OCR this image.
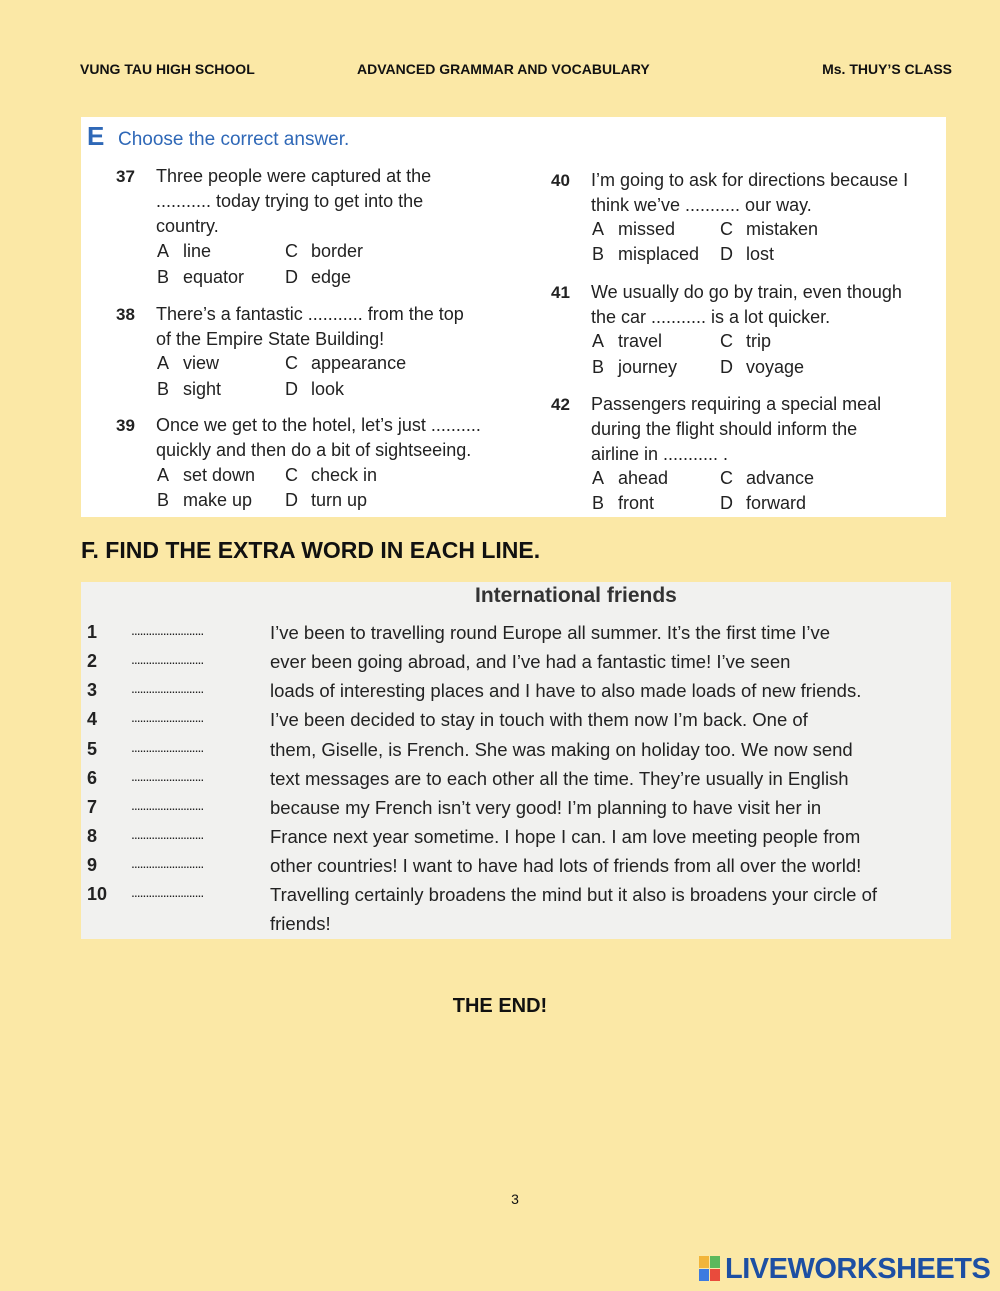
VUNG TAU HIGH SCHOOL	ADVANCED GRAMMAR AND VOCABULARY	Ms. THUY’S CLASS
E Choose the correct answer.
37 Three people were captured at the
........... today trying to get into the
country.
A line	C border
B equator D edge
38 There’s a fantastic ........... from the top
of the Empire State Building!
A view	C appearance
B sight	D look
39 Once we get to the hotel, let’s just ..........
quickly and then do a bit of sightseeing.
A set down C check in
B make up D turn up
40 I’m going to ask for directions because I
think we’ve ........... our way.
A missed C mistaken
B misplaced D lost
41 We usually do go by train, even though
the car ........... is a lot quicker.
A travel	C trip
B journey D voyage
42 Passengers requiring a special meal
during the flight should inform the
airline in ........... .
A ahead	C advance
B front	D forward
F. FIND THE EXTRA WORD IN EACH LINE.
International friends
1 .........................	I’ve been to travelling round Europe all summer. It’s the first time I’ve
2 .........................	ever been going abroad, and I’ve had a fantastic time! I’ve seen
3 .........................	loads of interesting places and I have to also made loads of new friends.
4 .........................	I’ve been decided to stay in touch with them now I’m back. One of
5 .........................	them, Giselle, is French. She was making on holiday too. We now send
6 .........................	text messages are to each other all the time. They’re usually in English
7 .........................	because my French isn’t very good! I’m planning to have visit her in
8 .........................	France next year sometime. I hope I can. I am love meeting people from
9 .........................	other countries! I want to have had lots of friends from all over the world!
10 .........................	Travelling certainly broadens the mind but it also is broadens your circle of
friends!
THE END!
3
LIVEWORKSHEETS
